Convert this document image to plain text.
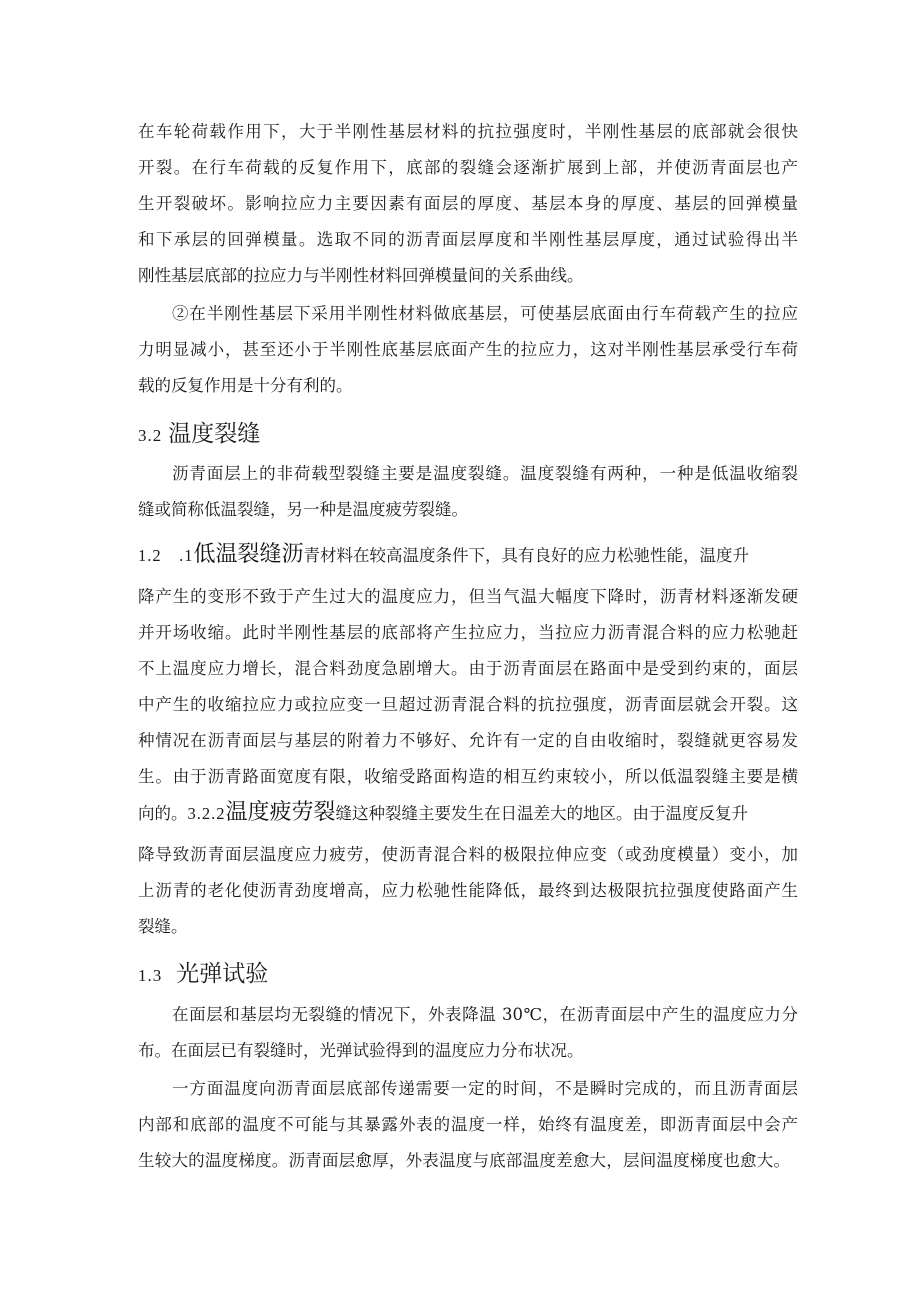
在车轮荷载作用下，大于半刚性基层材料的抗拉强度时，半刚性基层的底部就会很快
开裂。在行车荷载的反复作用下，底部的裂缝会逐渐扩展到上部，并使沥青面层也产
生开裂破坏。影响拉应力主要因素有面层的厚度、基层本身的厚度、基层的回弹模量
和下承层的回弹模量。选取不同的沥青面层厚度和半刚性基层厚度，通过试验得出半
刚性基层底部的拉应力与半刚性材料回弹模量间的关系曲线。
②在半刚性基层下采用半刚性材料做底基层，可使基层底面由行车荷载产生的拉应
力明显减小，甚至还小于半刚性底基层底面产生的拉应力，这对半刚性基层承受行车荷
载的反复作用是十分有利的。
3.2 温度裂缝
沥青面层上的非荷载型裂缝主要是温度裂缝。温度裂缝有两种，一种是低温收缩裂
缝或简称低温裂缝，另一种是温度疲劳裂缝。
1.2　.1低温裂缝沥青材料在较高温度条件下，具有良好的应力松驰性能，温度升
降产生的变形不致于产生过大的温度应力，但当气温大幅度下降时，沥青材料逐渐发硬
并开场收缩。此时半刚性基层的底部将产生拉应力，当拉应力沥青混合料的应力松驰赶
不上温度应力增长，混合料劲度急剧增大。由于沥青面层在路面中是受到约束的，面层
中产生的收缩拉应力或拉应变一旦超过沥青混合料的抗拉强度，沥青面层就会开裂。这
种情况在沥青面层与基层的附着力不够好、允许有一定的自由收缩时，裂缝就更容易发
生。由于沥青路面宽度有限，收缩受路面构造的相互约束较小，所以低温裂缝主要是横
向的。3.2.2温度疲劳裂缝这种裂缝主要发生在日温差大的地区。由于温度反复升
降导致沥青面层温度应力疲劳，使沥青混合料的极限拉伸应变（或劲度模量）变小，加
上沥青的老化使沥青劲度增高，应力松驰性能降低，最终到达极限抗拉强度使路面产生
裂缝。
1.3 光弹试验
在面层和基层均无裂缝的情况下，外表降温 30℃，在沥青面层中产生的温度应力分
布。在面层已有裂缝时，光弹试验得到的温度应力分布状况。
一方面温度向沥青面层底部传递需要一定的时间，不是瞬时完成的，而且沥青面层
内部和底部的温度不可能与其暴露外表的温度一样，始终有温度差，即沥青面层中会产
生较大的温度梯度。沥青面层愈厚，外表温度与底部温度差愈大，层间温度梯度也愈大。
